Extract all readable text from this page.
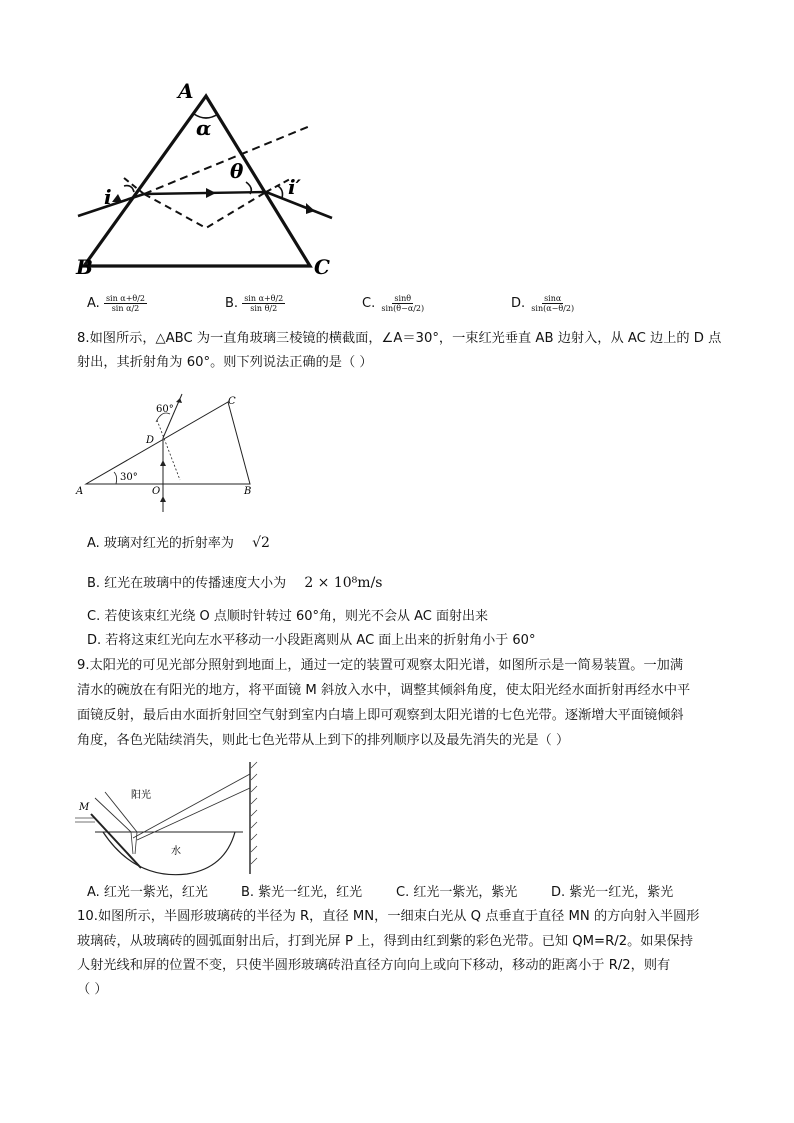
A
α
θ
i	i′
B	C
A. $\frac{\text{sin α+θ/2}}{\text{sin α/2}}$	B. $\frac{\text{sin α+θ/2}}{\text{sin θ/2}}$	C. $\frac{\sin\theta}{\sin(\theta-\alpha/2)}$	D. $\frac{\sin\alpha}{\sin(\alpha-\theta/2)}$
8.如图所示，△ABC 为一直角玻璃三棱镜的横截面，∠A＝30°，一束红光垂直 AB 边射入，从 AC 边上的 D 点
射出，其折射角为 60°。则下列说法正确的是（ ）
60°
C
D
30°
A	O	B
A. 玻璃对红光的折射率为 √2
B. 红光在玻璃中的传播速度大小为 2 × 10⁸m/s
C. 若使该束红光绕 O 点顺时针转过 60°角，则光不会从 AC 面射出来
D. 若将这束红光向左水平移动一小段距离则从 AC 面上出来的折射角小于 60°
9.太阳光的可见光部分照射到地面上，通过一定的装置可观察太阳光谱，如图所示是一简易装置。一加满
清水的碗放在有阳光的地方，将平面镜 M 斜放入水中，调整其倾斜角度，使太阳光经水面折射再经水中平
面镜反射，最后由水面折射回空气射到室内白墙上即可观察到太阳光谱的七色光带。逐渐增大平面镜倾斜
角度，各色光陆续消失，则此七色光带从上到下的排列顺序以及最先消失的光是（ ）
M
阳光
水
A. 红光一紫光，红光	B. 紫光一红光，红光	C. 红光一紫光，紫光	D. 紫光一红光，紫光
10.如图所示，半圆形玻璃砖的半径为 R，直径 MN，一细束白光从 Q 点垂直于直径 MN 的方向射入半圆形
玻璃砖，从玻璃砖的圆弧面射出后，打到光屏 P 上，得到由红到紫的彩色光带。已知 QM=R/2。如果保持
人射光线和屏的位置不变，只使半圆形玻璃砖沿直径方向向上或向下移动，移动的距离小于 R/2，则有
（ ）
